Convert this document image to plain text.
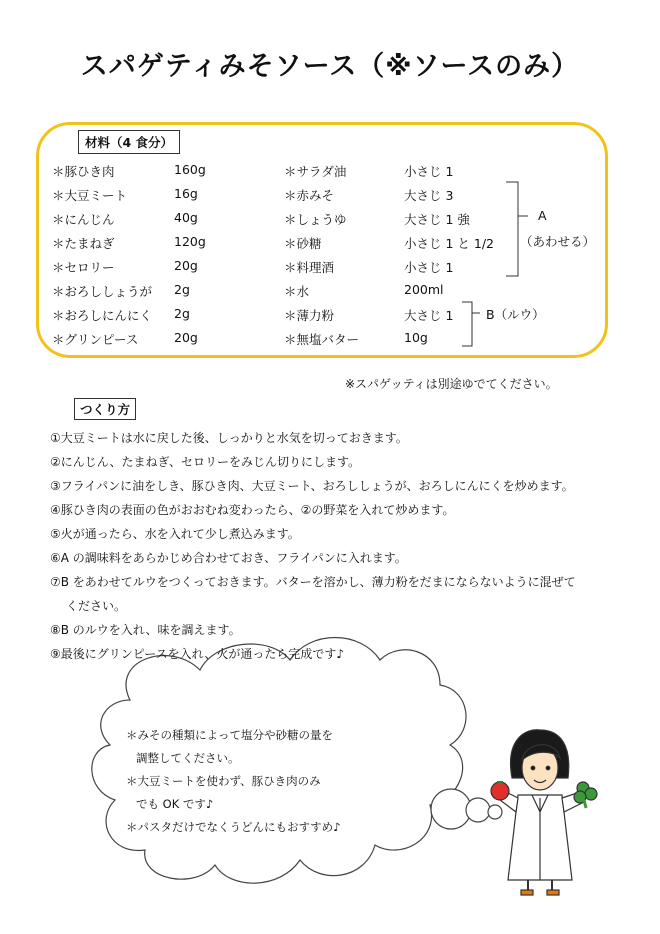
スパゲティみそソース（※ソースのみ）
材料（4 食分）
＊豚ひき肉	160g
＊大豆ミート	16g
＊にんじん	40g
＊たまねぎ	120g
＊セロリー	20g
＊おろししょうが 2g
＊おろしにんにく 2g
＊グリンピース	20g
＊サラダ油	小さじ 1
＊赤みそ	大さじ 3
＊しょうゆ	大さじ 1 強
＊砂糖	小さじ 1 と 1/2
＊料理酒	小さじ 1
＊水	200ml
＊薄力粉	大さじ 1
＊無塩バター	10g
A
（あわせる）
B（ルウ）
※スパゲッティは別途ゆでてください。
つくり方
①大豆ミートは水に戻した後、しっかりと水気を切っておきます。
②にんじん、たまねぎ、セロリーをみじん切りにします。
③フライパンに油をしき、豚ひき肉、大豆ミート、おろししょうが、おろしにんにくを炒めます。
④豚ひき肉の表面の色がおおむね変わったら、②の野菜を入れて炒めます。
⑤火が通ったら、水を入れて少し煮込みます。
⑥A の調味料をあらかじめ合わせておき、フライパンに入れます。
⑦B をあわせてルウをつくっておきます。バターを溶かし、薄力粉をだまにならないように混ぜて
ください。
⑧B のルウを入れ、味を調えます。
⑨最後にグリンピースを入れ、火が通ったら完成です♪
＊みその種類によって塩分や砂糖の量を
調整してください。
＊大豆ミートを使わず、豚ひき肉のみ
でも OK です♪
＊パスタだけでなくうどんにもおすすめ♪
